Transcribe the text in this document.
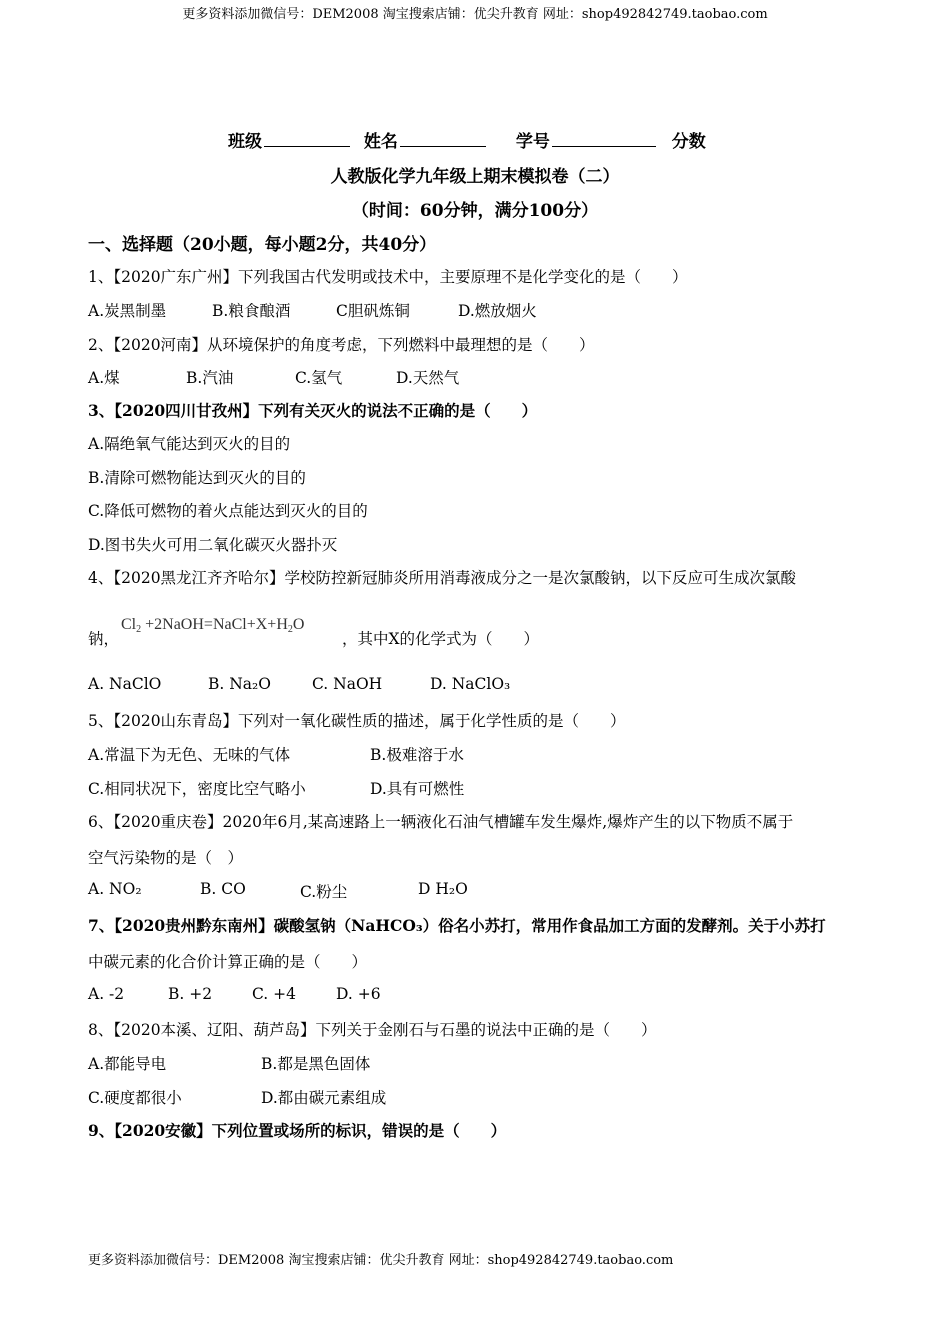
更多资料添加微信号：DEM2008 淘宝搜索店铺：优尖升教育 网址：shop492842749.taobao.com
班级	姓名	学号	分数
人教版化学九年级上期末模拟卷（二）
（时间：60分钟，满分100分）
一、选择题（20小题，每小题2分，共40分）
1、【2020广东广州】下列我国古代发明或技术中，主要原理不是化学变化的是（　　）
A.炭黑制墨	B.粮食酿酒	C胆矾炼铜	D.燃放烟火
2、【2020河南】从环境保护的角度考虑，下列燃料中最理想的是（　　）
A.煤	B.汽油	C.氢气	D.天然气
3、【2020四川甘孜州】下列有关灭火的说法不正确的是（　　）
A.隔绝氧气能达到灭火的目的
B.清除可燃物能达到灭火的目的
C.降低可燃物的着火点能达到灭火的目的
D.图书失火可用二氧化碳灭火器扑灭
4、【2020黑龙江齐齐哈尔】学校防控新冠肺炎所用消毒液成分之一是次氯酸钠，以下反应可生成次氯酸
钠，
$Cl_2$ $+2NaOH=NaCl+X+H_2O$
，其中X的化学式为（　　）
A. NaClO	B. Na₂O	C. NaOH	D. NaClO₃
5、【2020山东青岛】下列对一氧化碳性质的描述，属于化学性质的是（　　）
A.常温下为无色、无味的气体	B.极难溶于水
C.相同状况下，密度比空气略小	D.具有可燃性
6、【2020重庆卷】2020年6月,某高速路上一辆液化石油气槽罐车发生爆炸,爆炸产生的以下物质不属于
空气污染物的是（　）
A. NO₂	B. CO	C.粉尘	D H₂O
7、【2020贵州黔东南州】碳酸氢钠（NaHCO₃）俗名小苏打，常用作食品加工方面的发酵剂。关于小苏打
中碳元素的化合价计算正确的是（　　）
A. -2	B. +2	C. +4	D. +6
8、【2020本溪、辽阳、葫芦岛】下列关于金刚石与石墨的说法中正确的是（　　）
A.都能导电	B.都是黑色固体
C.硬度都很小	D.都由碳元素组成
9、【2020安徽】下列位置或场所的标识，错误的是（　　）
更多资料添加微信号：DEM2008 淘宝搜索店铺：优尖升教育 网址：shop492842749.taobao.com
